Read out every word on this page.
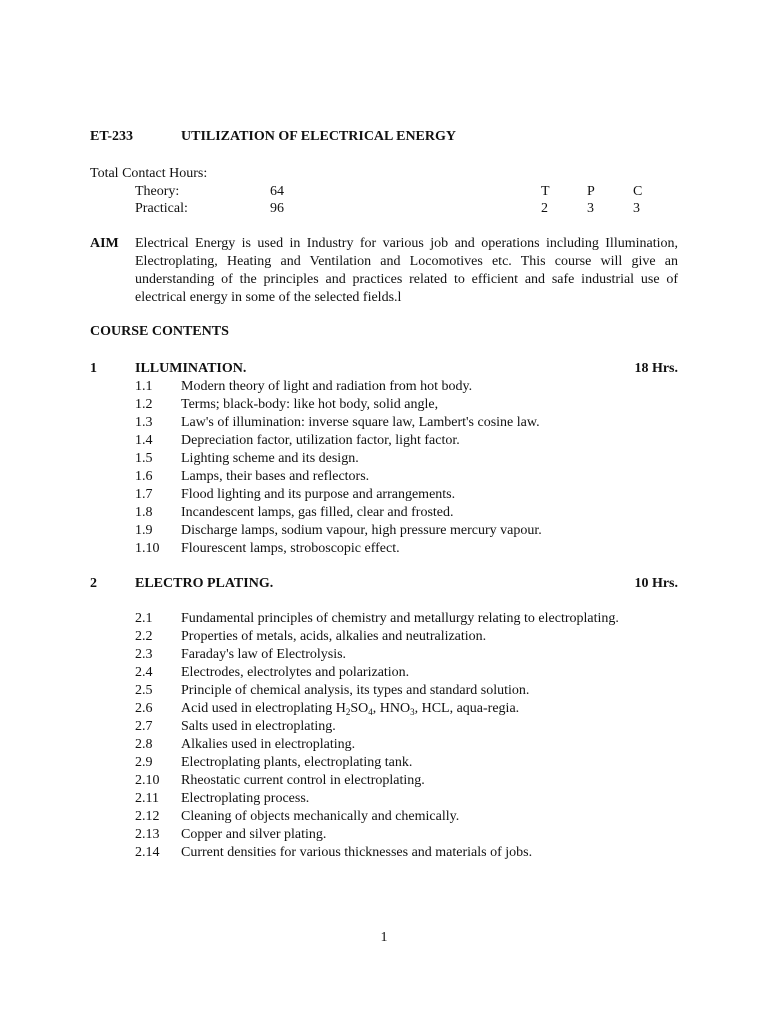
ET-233	UTILIZATION OF ELECTRICAL ENERGY
Total Contact Hours:
Theory:	64	T	P	C
Practical:	96	2	3	3
AIM Electrical Energy is used in Industry for various job and operations including Illumination, Electroplating, Heating and Ventilation and Locomotives etc. This course will give an understanding of the principles and practices related to efficient and safe industrial use of electrical energy in some of the selected fields.l
COURSE CONTENTS
1	ILLUMINATION.	18 Hrs.
1.1 Modern theory of light and radiation from hot body.
1.2 Terms; black-body: like hot body, solid angle,
1.3 Law's of illumination: inverse square law, Lambert's cosine law.
1.4 Depreciation factor, utilization factor, light factor.
1.5 Lighting scheme and its design.
1.6 Lamps, their bases and reflectors.
1.7 Flood lighting and its purpose and arrangements.
1.8 Incandescent lamps, gas filled, clear and frosted.
1.9 Discharge lamps, sodium vapour, high pressure mercury vapour.
1.10 Flourescent lamps, stroboscopic effect.
2	ELECTRO PLATING.	10 Hrs.
2.1 Fundamental principles of chemistry and metallurgy relating to electroplating.
2.2 Properties of metals, acids, alkalies and neutralization.
2.3 Faraday's law of Electrolysis.
2.4 Electrodes, electrolytes and polarization.
2.5 Principle of chemical analysis, its types and standard solution.
2.6 Acid used in electroplating $H_2SO_4$, $HNO_3$, HCL, aqua-regia.
2.7 Salts used in electroplating.
2.8 Alkalies used in electroplating.
2.9 Electroplating plants, electroplating tank.
2.10 Rheostatic current control in electroplating.
2.11 Electroplating process.
2.12 Cleaning of objects mechanically and chemically.
2.13 Copper and silver plating.
2.14 Current densities for various thicknesses and materials of jobs.
1
